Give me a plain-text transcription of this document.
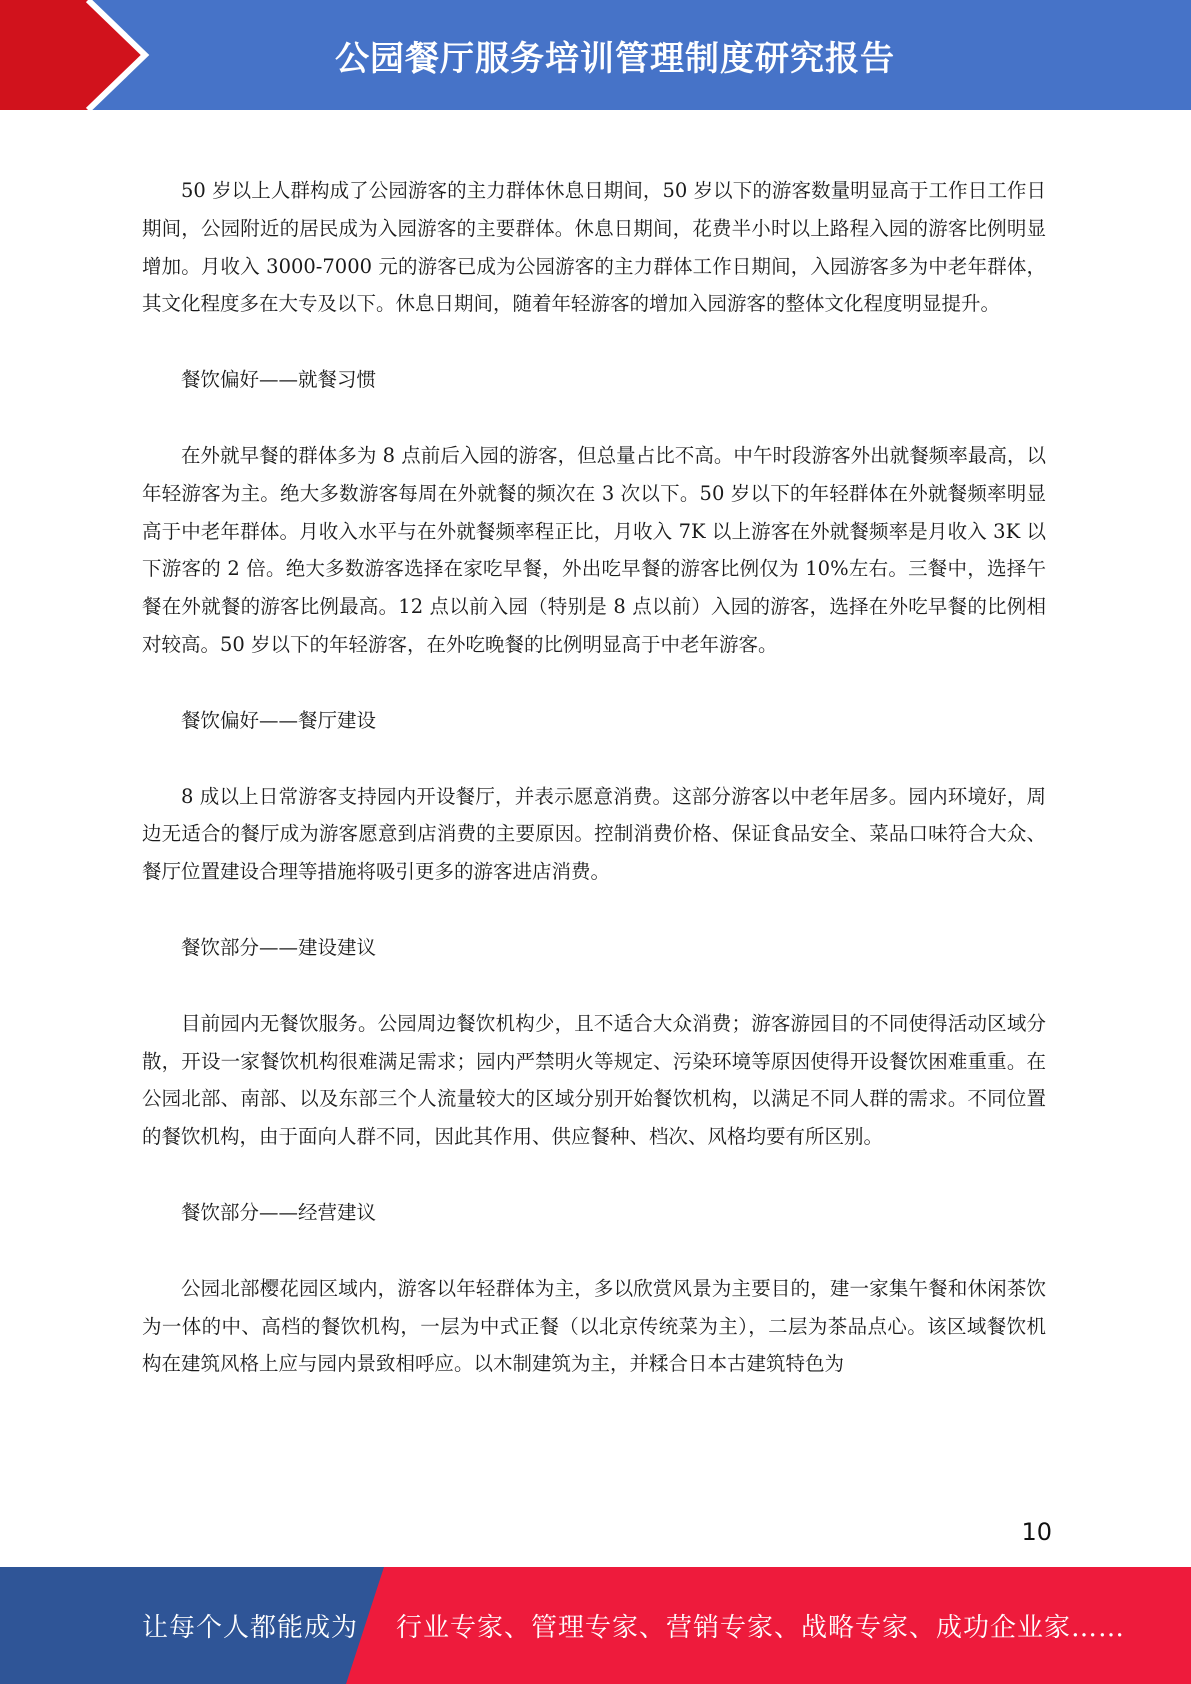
公园餐厅服务培训管理制度研究报告

50 岁以上人群构成了公园游客的主力群体休息日期间，50 岁以下的游客数量明显高于工作日工作日期间，公园附近的居民成为入园游客的主要群体。休息日期间，花费半小时以上路程入园的游客比例明显增加。月收入 3000-7000 元的游客已成为公园游客的主力群体工作日期间，入园游客多为中老年群体，其文化程度多在大专及以下。休息日期间，随着年轻游客的增加入园游客的整体文化程度明显提升。

餐饮偏好——就餐习惯

在外就早餐的群体多为 8 点前后入园的游客，但总量占比不高。中午时段游客外出就餐频率最高，以年轻游客为主。绝大多数游客每周在外就餐的频次在 3 次以下。50 岁以下的年轻群体在外就餐频率明显高于中老年群体。月收入水平与在外就餐频率程正比，月收入 7K 以上游客在外就餐频率是月收入 3K 以下游客的 2 倍。绝大多数游客选择在家吃早餐，外出吃早餐的游客比例仅为 10%左右。三餐中，选择午餐在外就餐的游客比例最高。12 点以前入园（特别是 8 点以前）入园的游客，选择在外吃早餐的比例相对较高。50 岁以下的年轻游客，在外吃晚餐的比例明显高于中老年游客。

餐饮偏好——餐厅建设

8 成以上日常游客支持园内开设餐厅，并表示愿意消费。这部分游客以中老年居多。园内环境好，周边无适合的餐厅成为游客愿意到店消费的主要原因。控制消费价格、保证食品安全、菜品口味符合大众、餐厅位置建设合理等措施将吸引更多的游客进店消费。

餐饮部分——建设建议

目前园内无餐饮服务。公园周边餐饮机构少，且不适合大众消费；游客游园目的不同使得活动区域分散，开设一家餐饮机构很难满足需求；园内严禁明火等规定、污染环境等原因使得开设餐饮困难重重。在公园北部、南部、以及东部三个人流量较大的区域分别开始餐饮机构，以满足不同人群的需求。不同位置的餐饮机构，由于面向人群不同，因此其作用、供应餐种、档次、风格均要有所区别。

餐饮部分——经营建议

公园北部樱花园区域内，游客以年轻群体为主，多以欣赏风景为主要目的，建一家集午餐和休闲茶饮为一体的中、高档的餐饮机构，一层为中式正餐（以北京传统菜为主），二层为茶品点心。该区域餐饮机构在建筑风格上应与园内景致相呼应。以木制建筑为主，并糅合日本古建筑特色为

10
让每个人都能成为 行业专家、管理专家、营销专家、战略专家、成功企业家……
